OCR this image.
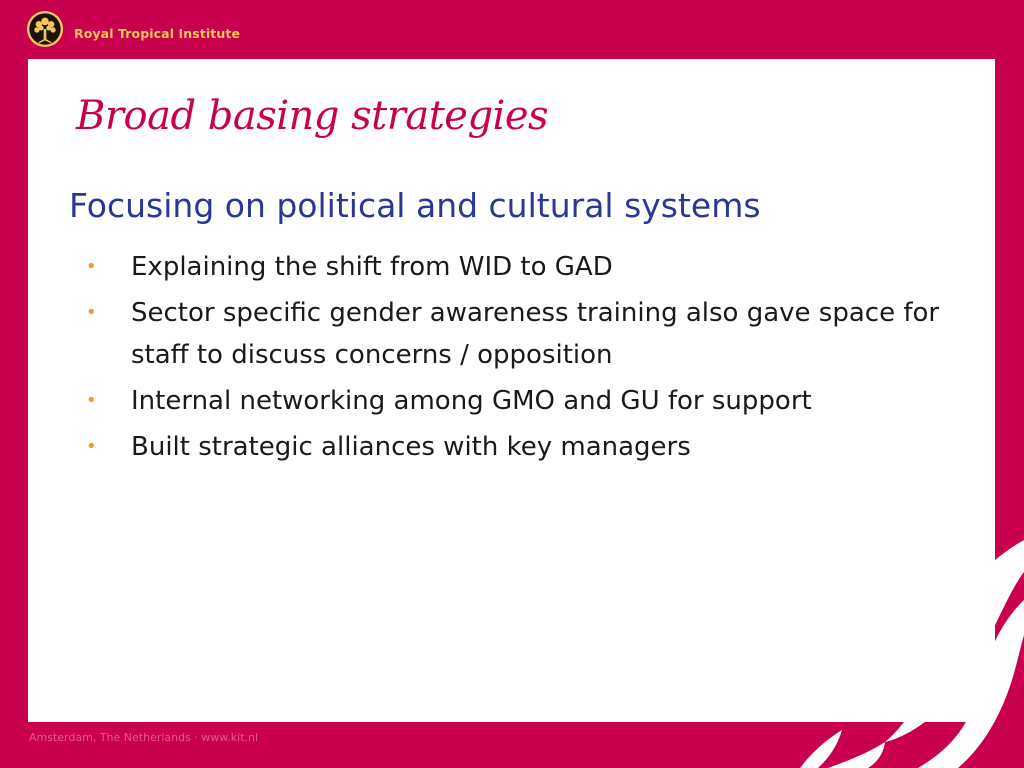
Royal Tropical Institute
Broad basing strategies
Focusing on political and cultural systems
• Explaining the shift from WID to GAD
• Sector specific gender awareness training also gave space for staff to discuss concerns / opposition
• Internal networking among GMO and GU for support
• Built strategic alliances with key managers
Amsterdam, The Netherlands · www.kit.nl
